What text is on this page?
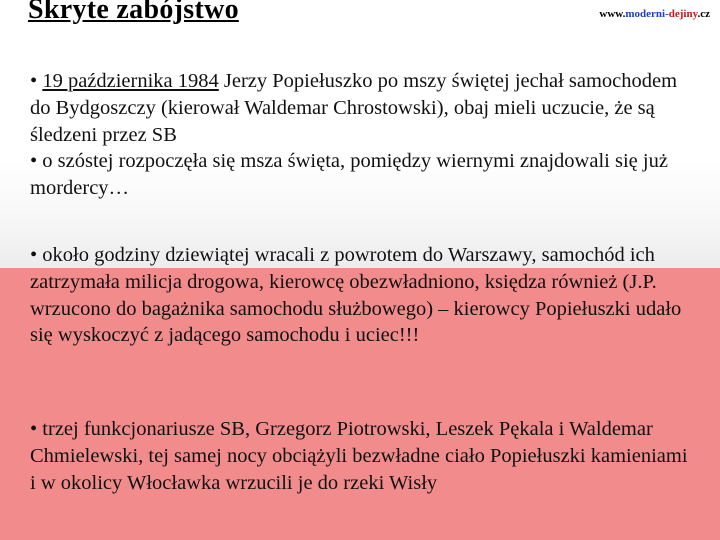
Skryte zabójstwo	www.moderni-dejiny.cz

• 19 października 1984 Jerzy Popiełuszko po mszy świętej jechał samochodem do Bydgoszczy (kierował Waldemar Chrostowski), obaj mieli uczucie, że są śledzeni przez SB

• o szóstej rozpoczęła się msza święta, pomiędzy wiernymi znajdowali się już mordercy…

• około godziny dziewiątej wracali z powrotem do Warszawy, samochód ich zatrzymała milicja drogowa, kierowcę obezwładniono, księdza również (J.P. wrzucono do bagażnika samochodu służbowego) – kierowcy Popiełuszki udało się wyskoczyć z jadącego samochodu i uciec!!!

• trzej funkcjonariusze SB, Grzegorz Piotrowski, Leszek Pękala i Waldemar Chmielewski, tej samej nocy obciążyli bezwładne ciało Popiełuszki kamieniami i w okolicy Włocławka wrzucili je do rzeki Wisły
